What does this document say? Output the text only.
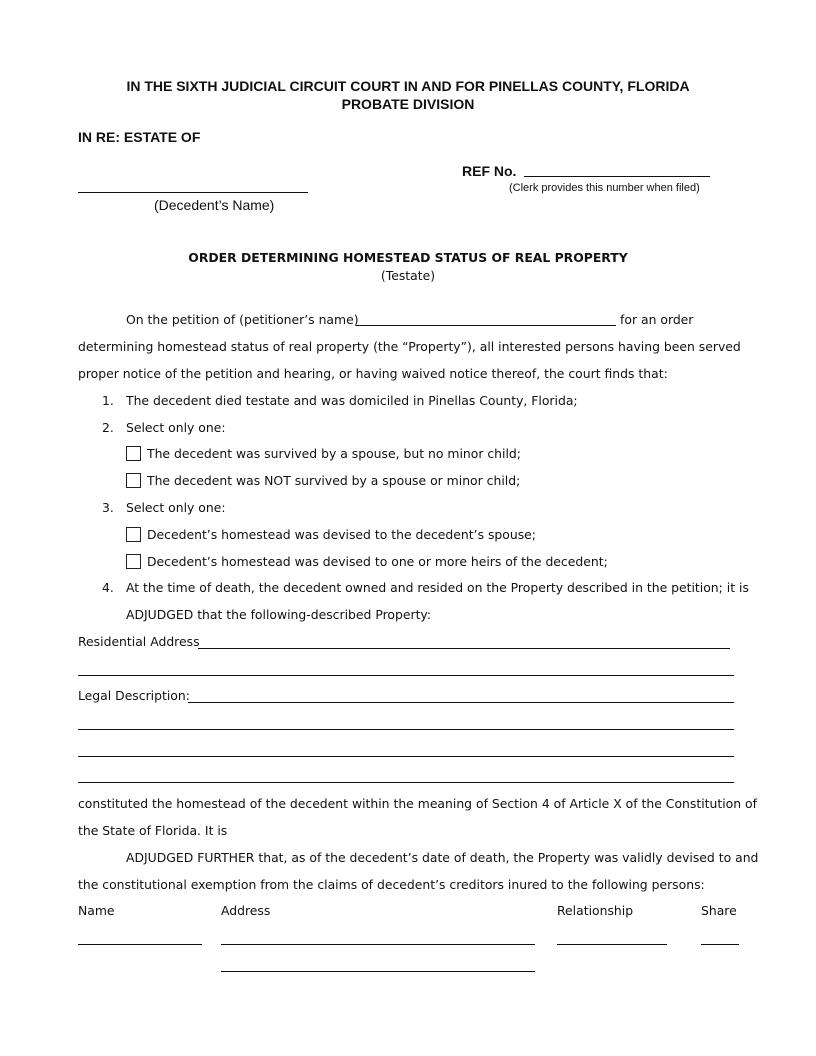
IN THE SIXTH JUDICIAL CIRCUIT COURT IN AND FOR PINELLAS COUNTY, FLORIDA
PROBATE DIVISION
IN RE: ESTATE OF
REF No.
(Clerk provides this number when filed)
(Decedent’s Name)
ORDER DETERMINING HOMESTEAD STATUS OF REAL PROPERTY
(Testate)
On the petition of (petitioner’s name)	for an order
determining homestead status of real property (the “Property”), all interested persons having been served
proper notice of the petition and hearing, or having waived notice thereof, the court finds that:
1. The decedent died testate and was domiciled in Pinellas County, Florida;
2. Select only one:
The decedent was survived by a spouse, but no minor child;
The decedent was NOT survived by a spouse or minor child;
3. Select only one:
Decedent’s homestead was devised to the decedent’s spouse;
Decedent’s homestead was devised to one or more heirs of the decedent;
4. At the time of death, the decedent owned and resided on the Property described in the petition; it is
ADJUDGED that the following-described Property:
Residential Address
Legal Description:
constituted the homestead of the decedent within the meaning of Section 4 of Article X of the Constitution of
the State of Florida. It is
ADJUDGED FURTHER that, as of the decedent’s date of death, the Property was validly devised to and
the constitutional exemption from the claims of decedent’s creditors inured to the following persons:
Name	Address	Relationship	Share
